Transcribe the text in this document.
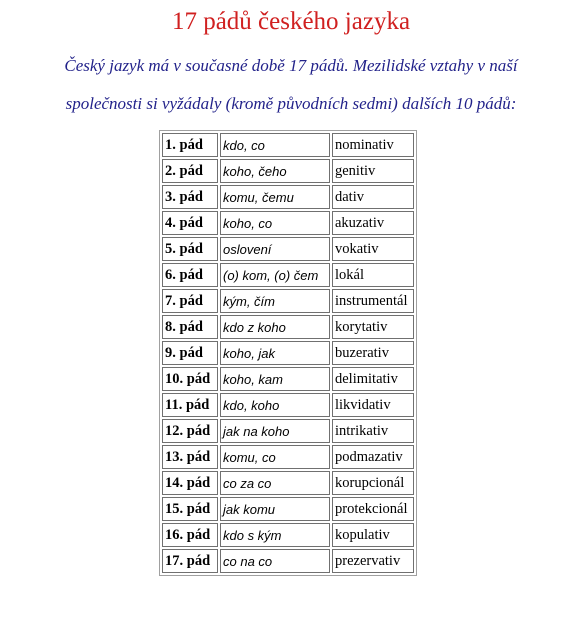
17 pádů českého jazyka
Český jazyk má v současné době 17 pádů. Mezilidské vztahy v naší
společnosti si vyžádaly (kromě původních sedmi) dalších 10 pádů:
1. pád	kdo, co	nominativ
2. pád	koho, čeho	genitiv
3. pád	komu, čemu	dativ
4. pád	koho, co	akuzativ
5. pád	oslovení	vokativ
6. pád	(o) kom, (o) čem	lokál
7. pád	kým, čím	instrumentál
8. pád	kdo z koho	korytativ
9. pád	koho, jak	buzerativ
10. pád	koho, kam	delimitativ
11. pád	kdo, koho	likvidativ
12. pád	jak na koho	intrikativ
13. pád	komu, co	podmazativ
14. pád	co za co	korupcionál
15. pád	jak komu	protekcionál
16. pád	kdo s kým	kopulativ
17. pád	co na co	prezervativ
